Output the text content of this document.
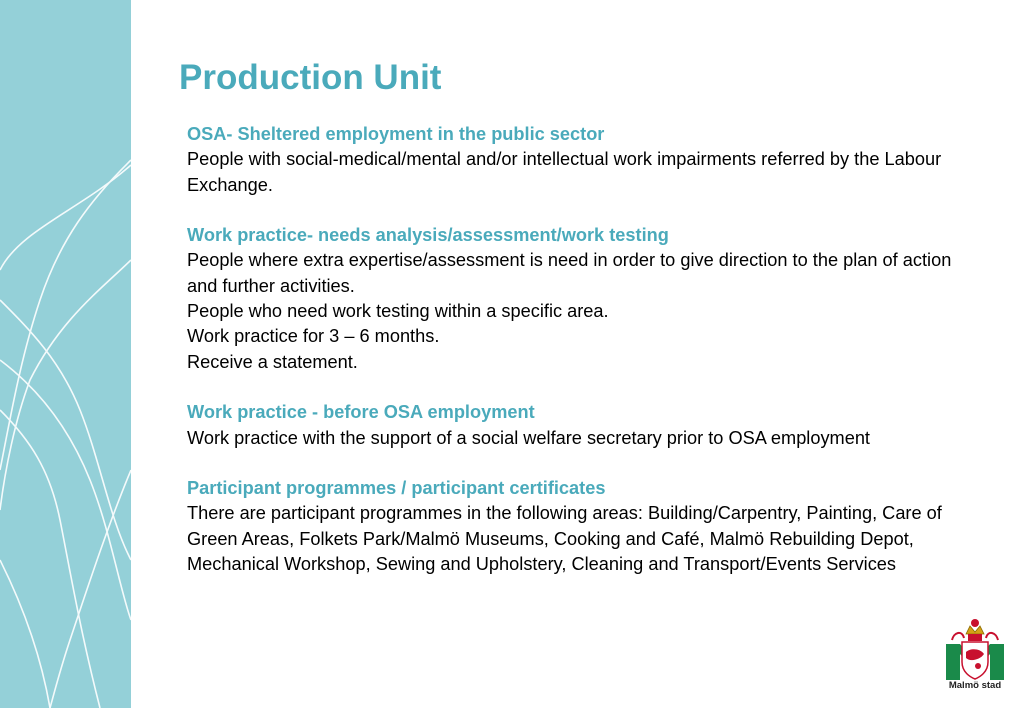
Production Unit
OSA- Sheltered employment in the public sector
People with social-medical/mental and/or intellectual work impairments referred by the Labour Exchange.
Work practice- needs analysis/assessment/work testing
People where extra expertise/assessment is need in order to give direction to the plan of action and further activities.
People who need work testing within a specific area.
Work practice for 3 – 6 months.
Receive a statement.
Work practice - before OSA employment
Work practice with the support of a social welfare secretary prior to OSA employment
Participant programmes / participant certificates
There are participant programmes in the following areas: Building/Carpentry, Painting, Care of Green Areas, Folkets Park/Malmö Museums, Cooking and Café, Malmö Rebuilding Depot, Mechanical Workshop, Sewing and Upholstery, Cleaning and Transport/Events Services
Malmö stad
